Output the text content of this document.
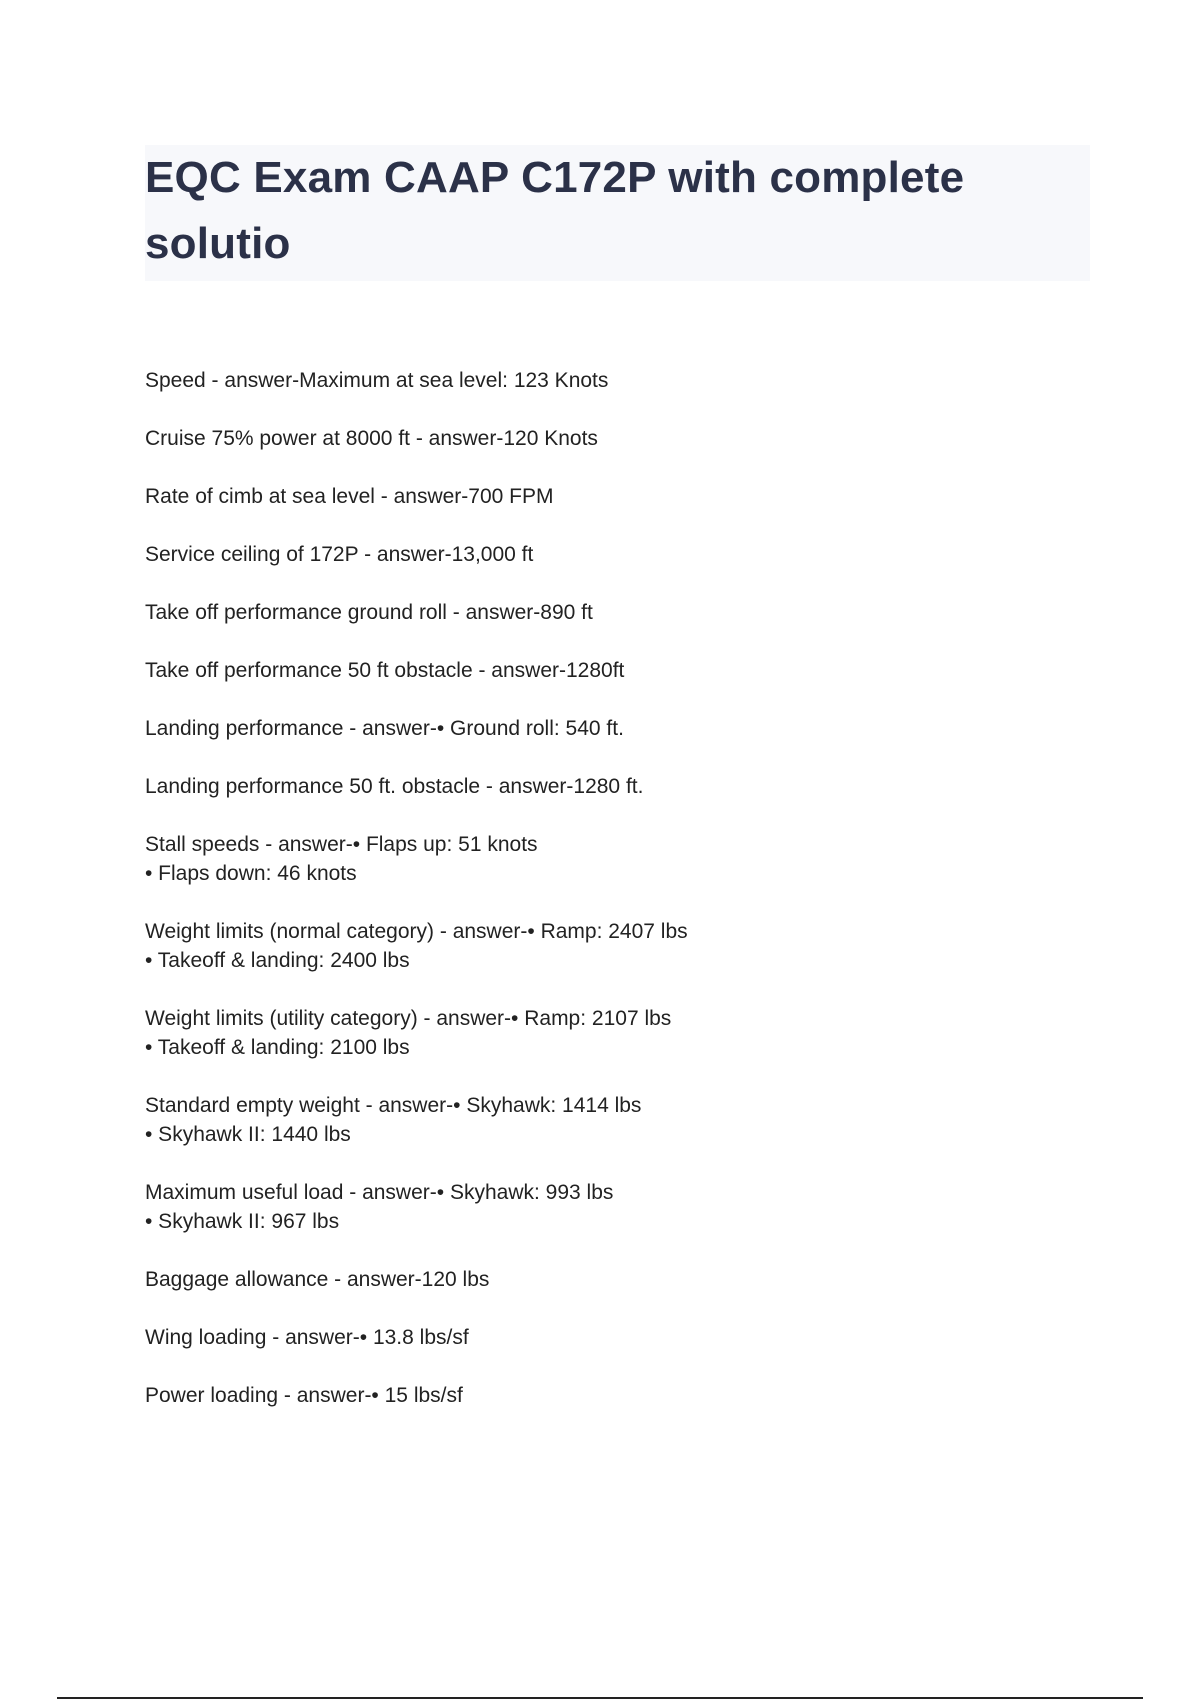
EQC Exam CAAP C172P with complete solutio
Speed - answer-Maximum at sea level: 123 Knots
Cruise 75% power at 8000 ft - answer-120 Knots
Rate of cimb at sea level - answer-700 FPM
Service ceiling of 172P - answer-13,000 ft
Take off performance ground roll - answer-890 ft
Take off performance 50 ft obstacle - answer-1280ft
Landing performance - answer-• Ground roll: 540 ft.
Landing performance 50 ft. obstacle - answer-1280 ft.
Stall speeds - answer-• Flaps up: 51 knots
• Flaps down: 46 knots
Weight limits (normal category) - answer-• Ramp: 2407 lbs
• Takeoff & landing: 2400 lbs
Weight limits (utility category) - answer-• Ramp: 2107 lbs
• Takeoff & landing: 2100 lbs
Standard empty weight - answer-• Skyhawk: 1414 lbs
• Skyhawk II: 1440 lbs
Maximum useful load - answer-• Skyhawk: 993 lbs
• Skyhawk II: 967 lbs
Baggage allowance - answer-120 lbs
Wing loading - answer-• 13.8 lbs/sf
Power loading - answer-• 15 lbs/sf
